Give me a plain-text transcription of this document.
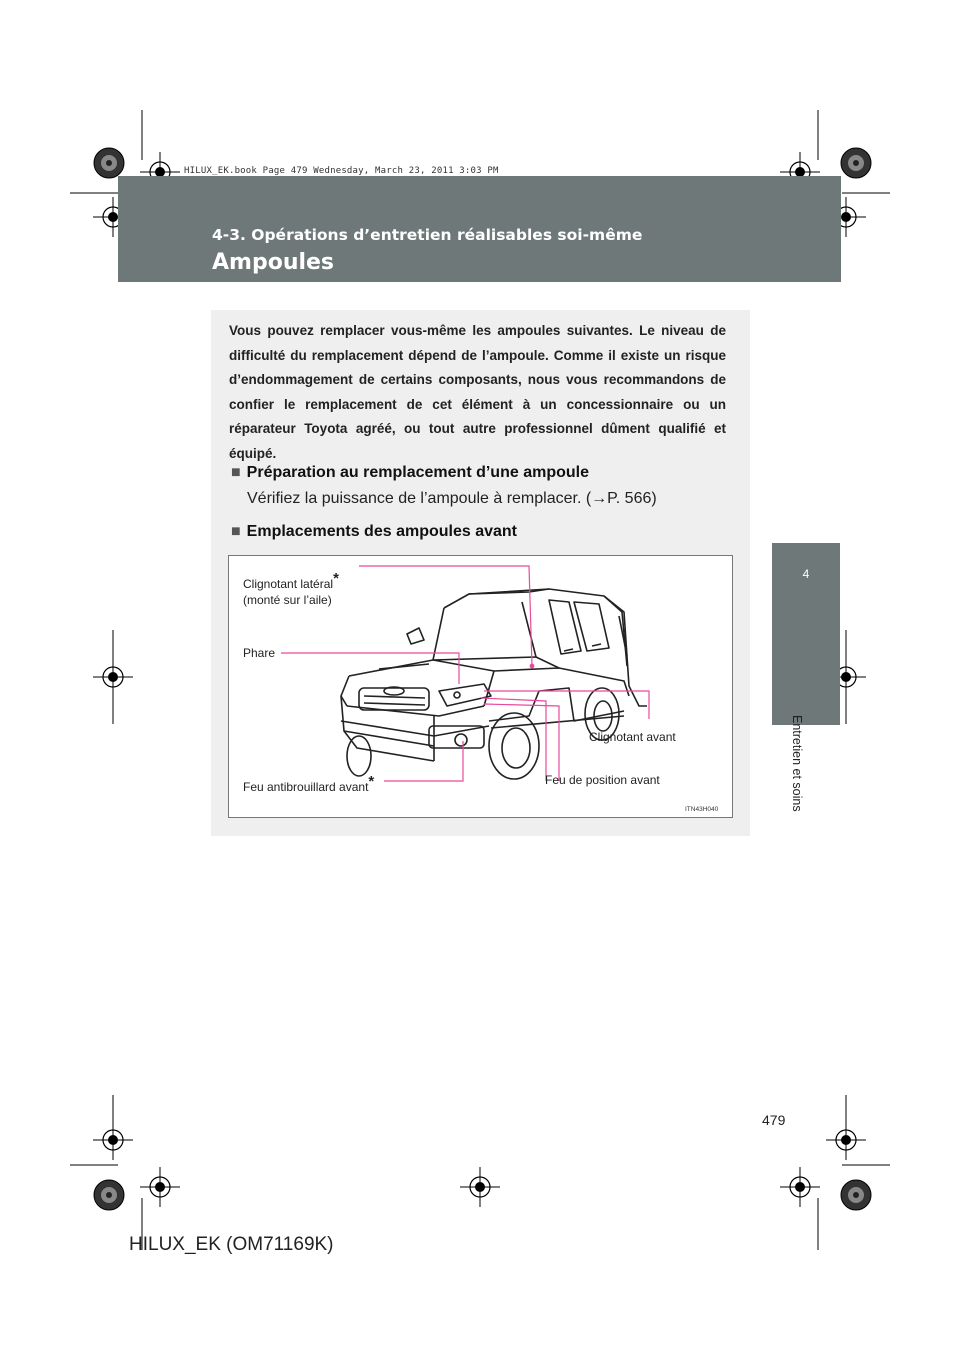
HILUX_EK.book Page 479 Wednesday, March 23, 2011 3:03 PM
4-3. Opérations d’entretien réalisables soi-même
Ampoules
4
Entretien et soins
Vous pouvez remplacer vous-même les ampoules suivantes. Le niveau de difficulté du remplacement dépend de l’ampoule. Comme il existe un risque d’endommagement de certains composants, nous vous recommandons de confier le remplacement de cet élément à un concessionnaire ou un réparateur Toyota agréé, ou tout autre professionnel dûment qualifié et équipé.
■ Préparation au remplacement d’une ampoule
Vérifiez la puissance de l’ampoule à remplacer. (→P. 566)
■ Emplacements des ampoules avant
Clignotant latéral*
(monté sur l’aile)
Phare
Clignotant avant
Feu antibrouillard avant*	Feu de position avant
ITN43H040
479
HILUX_EK (OM71169K)
